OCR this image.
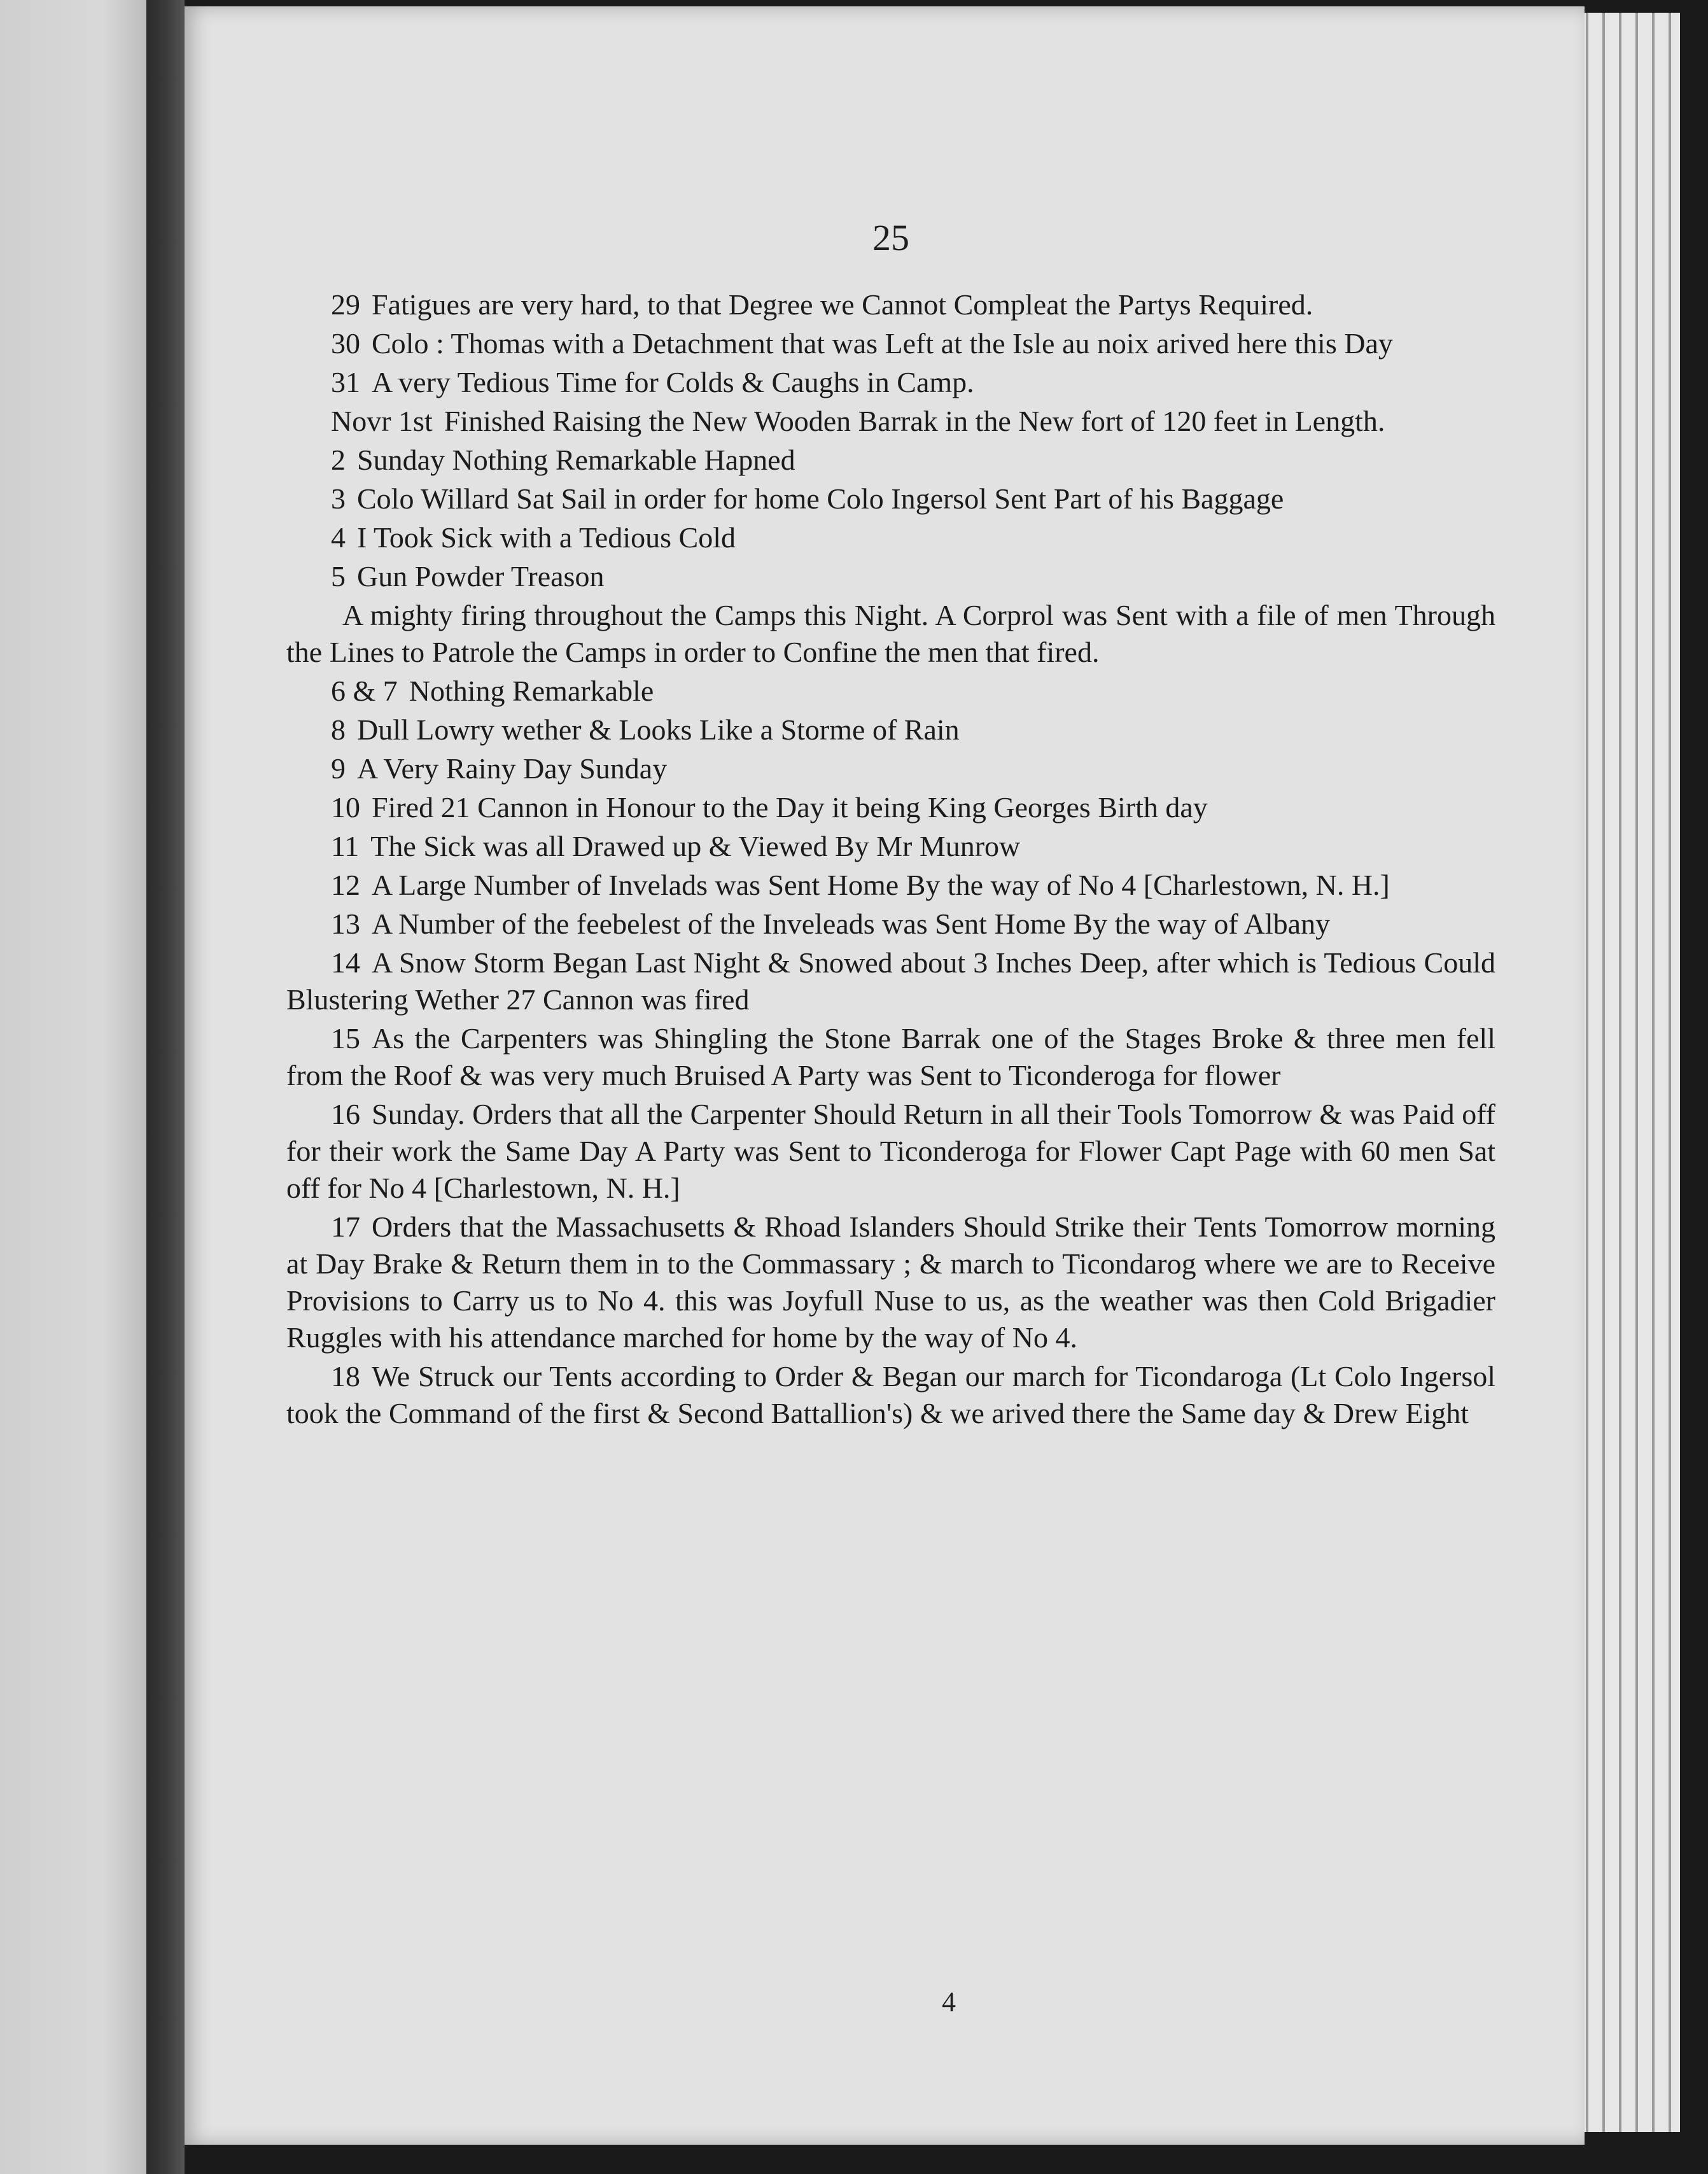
25

29 Fatigues are very hard, to that Degree we Cannot Compleat the Partys Required.

30 Colo : Thomas with a Detachment that was Left at the Isle au noix arived here this Day

31 A very Tedious Time for Colds & Caughs in Camp.

Novr 1st Finished Raising the New Wooden Barrak in the New fort of 120 feet in Length.

2 Sunday Nothing Remarkable Hapned

3 Colo Willard Sat Sail in order for home Colo Ingersol Sent Part of his Baggage

4 I Took Sick with a Tedious Cold

5 Gun Powder Treason

A mighty firing throughout the Camps this Night. A Corprol was Sent with a file of men Through the Lines to Patrole the Camps in order to Confine the men that fired.

6 & 7 Nothing Remarkable

8 Dull Lowry wether & Looks Like a Storme of Rain

9 A Very Rainy Day Sunday

10 Fired 21 Cannon in Honour to the Day it being King Georges Birth day

11 The Sick was all Drawed up & Viewed By Mr Munrow

12 A Large Number of Invelads was Sent Home By the way of No 4 [Charlestown, N. H.]

13 A Number of the feebelest of the Inveleads was Sent Home By the way of Albany

14 A Snow Storm Began Last Night & Snowed about 3 Inches Deep, after which is Tedious Could Blustering Wether 27 Cannon was fired

15 As the Carpenters was Shingling the Stone Barrak one of the Stages Broke & three men fell from the Roof & was very much Bruised A Party was Sent to Ticonderoga for flower

16 Sunday. Orders that all the Carpenter Should Return in all their Tools Tomorrow & was Paid off for their work the Same Day A Party was Sent to Ticonderoga for Flower Capt Page with 60 men Sat off for No 4 [Charlestown, N. H.]

17 Orders that the Massachusetts & Rhoad Islanders Should Strike their Tents Tomorrow morning at Day Brake & Return them in to the Commassary ; & march to Ticondarog where we are to Receive Provisions to Carry us to No 4. this was Joyfull Nuse to us, as the weather was then Cold Brigadier Ruggles with his attendance marched for home by the way of No 4.

18 We Struck our Tents according to Order & Began our march for Ticondaroga (Lt Colo Ingersol took the Command of the first & Second Battallion's) & we arived there the Same day & Drew Eight

4
